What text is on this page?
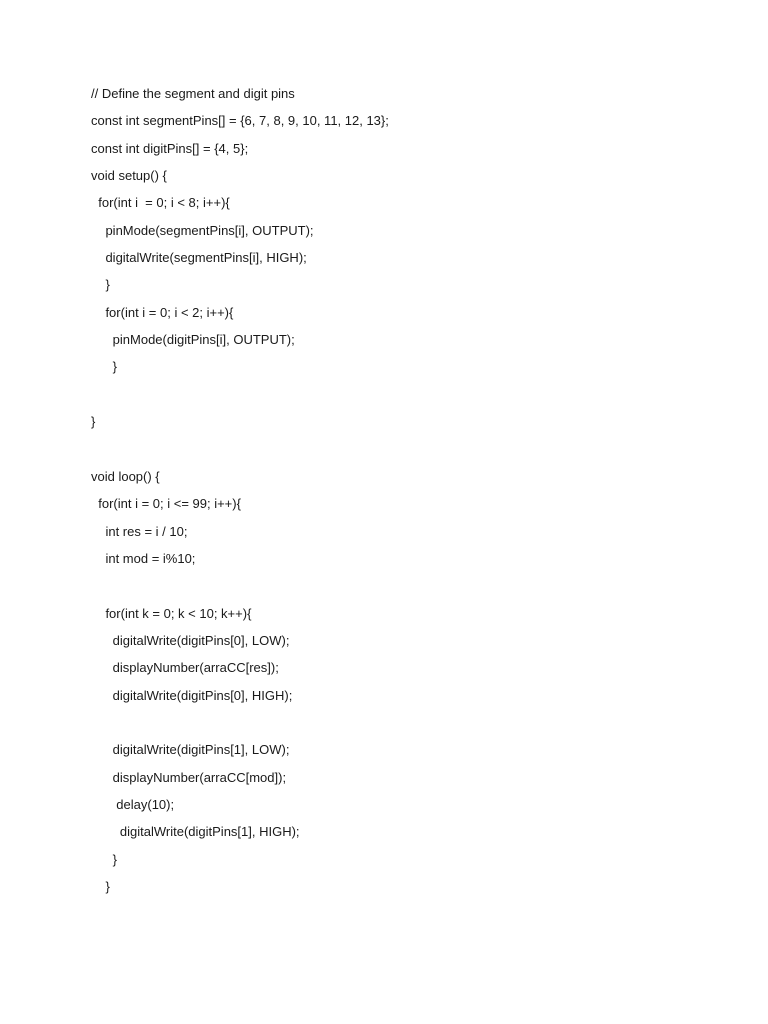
// Define the segment and digit pins
const int segmentPins[] = {6, 7, 8, 9, 10, 11, 12, 13};
const int digitPins[] = {4, 5};
void setup() {
for(int i  = 0; i < 8; i++){
pinMode(segmentPins[i], OUTPUT);
digitalWrite(segmentPins[i], HIGH);
}
for(int i = 0; i < 2; i++){
pinMode(digitPins[i], OUTPUT);
}
}
void loop() {
for(int i = 0; i <= 99; i++){
int res = i / 10;
int mod = i%10;
for(int k = 0; k < 10; k++){
digitalWrite(digitPins[0], LOW);
displayNumber(arraCC[res]);
digitalWrite(digitPins[0], HIGH);
digitalWrite(digitPins[1], LOW);
displayNumber(arraCC[mod]);
delay(10);
digitalWrite(digitPins[1], HIGH);
}
}
